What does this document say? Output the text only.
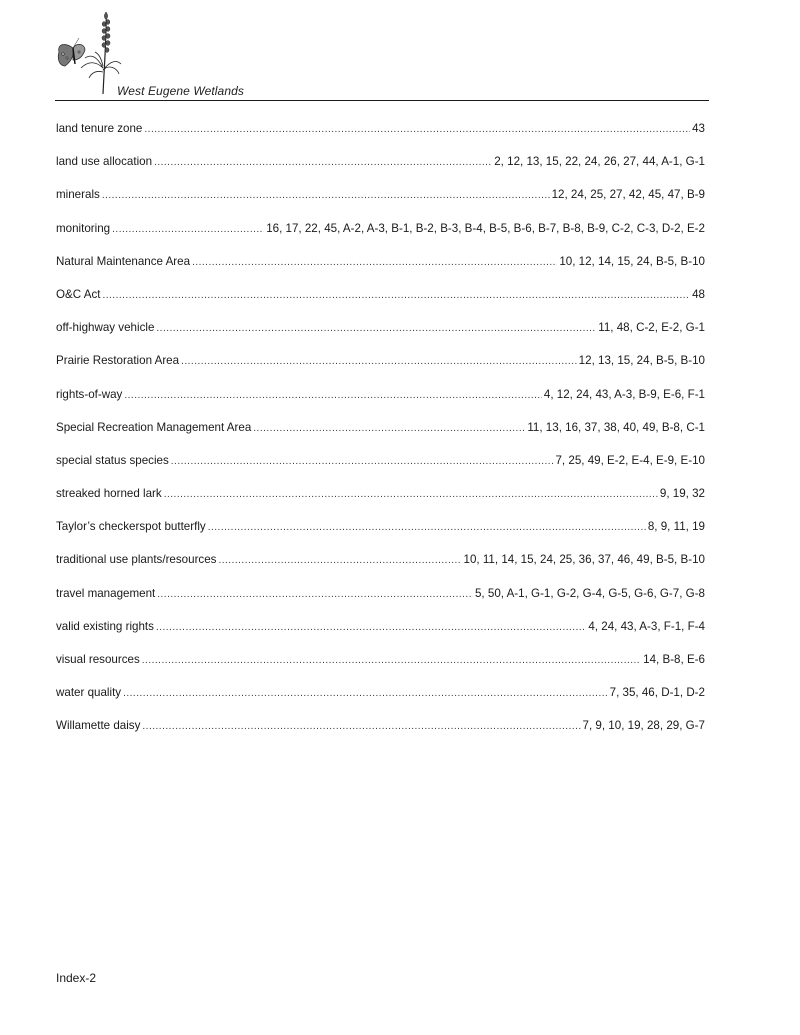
West Eugene Wetlands
land tenure zone .....	43
land use allocation .....	2, 12, 13, 15, 22, 24, 26, 27, 44, A-1, G-1
minerals .....	12, 24, 25, 27, 42, 45, 47, B-9
monitoring .....	16, 17, 22, 45, A-2, A-3, B-1, B-2, B-3, B-4, B-5, B-6, B-7, B-8, B-9, C-2, C-3, D-2, E-2
Natural Maintenance Area .....	10, 12, 14, 15, 24, B-5, B-10
O&C Act .....	48
off-highway vehicle .....	11, 48, C-2, E-2, G-1
Prairie Restoration Area .....	12, 13, 15, 24, B-5, B-10
rights-of-way .....	4, 12, 24, 43, A-3, B-9, E-6, F-1
Special Recreation Management Area .....	11, 13, 16, 37, 38, 40, 49, B-8, C-1
special status species .....	7, 25, 49, E-2, E-4, E-9, E-10
streaked horned lark .....	9, 19, 32
Taylor’s checkerspot butterfly .....	8, 9, 11, 19
traditional use plants/resources .....	10, 11, 14, 15, 24, 25, 36, 37, 46, 49, B-5, B-10
travel management .....	5, 50, A-1, G-1, G-2, G-4, G-5, G-6, G-7, G-8
valid existing rights .....	4, 24, 43, A-3, F-1, F-4
visual resources .....	14, B-8, E-6
water quality .....	7, 35, 46, D-1, D-2
Willamette daisy .....	7, 9, 10, 19, 28, 29, G-7
Index-2
